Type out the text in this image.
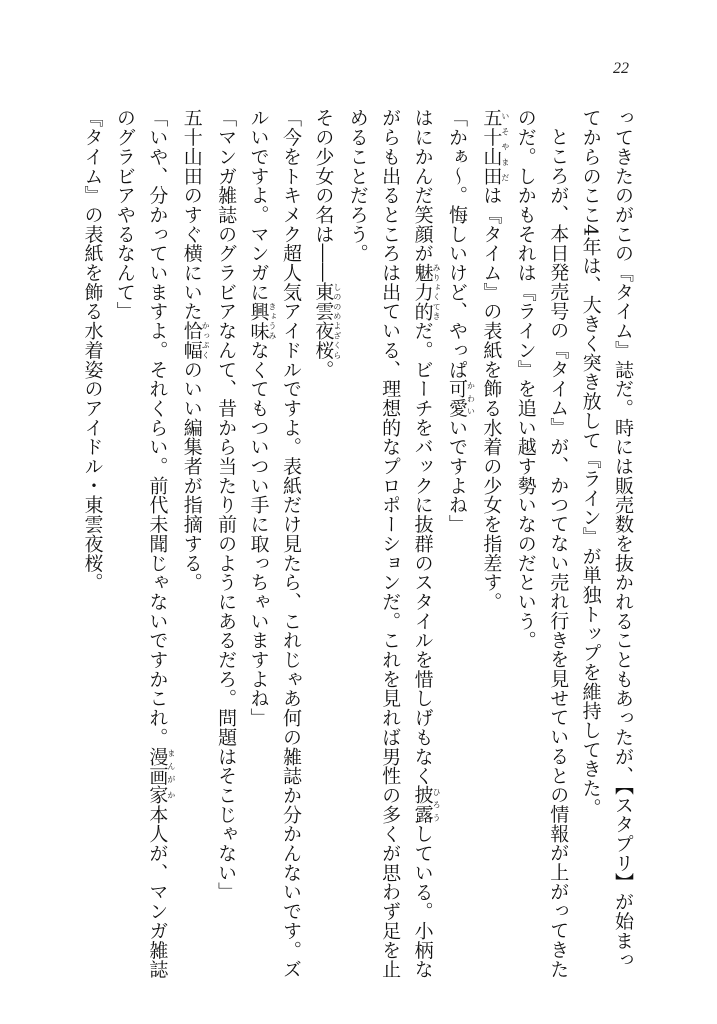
22

ってきたのがこの『タイム』誌だ。時には販売数を抜かれることもあったが、【スタプリ】が始まってからのここ4年は、大きく突き放して『ライン』が単独トップを維持してきた。

ところが、本日発売号の『タイム』が、かつてない売れ行きを見せているとの情報が上がってきたのだ。しかもそれは『ライン』を追い越す勢いなのだという。

五十山田いそやまだは『タイム』の表紙を飾る水着の少女を指差す。

「かぁ〜。悔しいけど、やっぱ可愛かわいいですよね」

はにかんだ笑顔が魅力的みりょくてきだ。ビーチをバックに抜群のスタイルを惜しげもなく披露ひろうしている。小柄ながらも出るところは出ている、理想的なプロポーションだ。これを見れば男性の多くが思わず足を止めることだろう。

その少女の名は――東雲夜桜しののめよざくら。

「今をトキメク超人気アイドルですよ。表紙だけ見たら、これじゃあ何の雑誌か分かんないです。ズルいですよ。マンガに興味きょうみなくてもついつい手に取っちゃいますよね」

「マンガ雑誌のグラビアなんて、昔から当たり前のようにあるだろ。問題はそこじゃない」

五十山田のすぐ横にいた恰幅かっぷくのいい編集者が指摘する。

「いや、分かっていますよ。それくらい。前代未聞じゃないですかこれ。漫画まんが家か本人が、マンガ雑誌のグラビアやるなんて」

『タイム』の表紙を飾る水着姿のアイドル・東雲夜桜。
